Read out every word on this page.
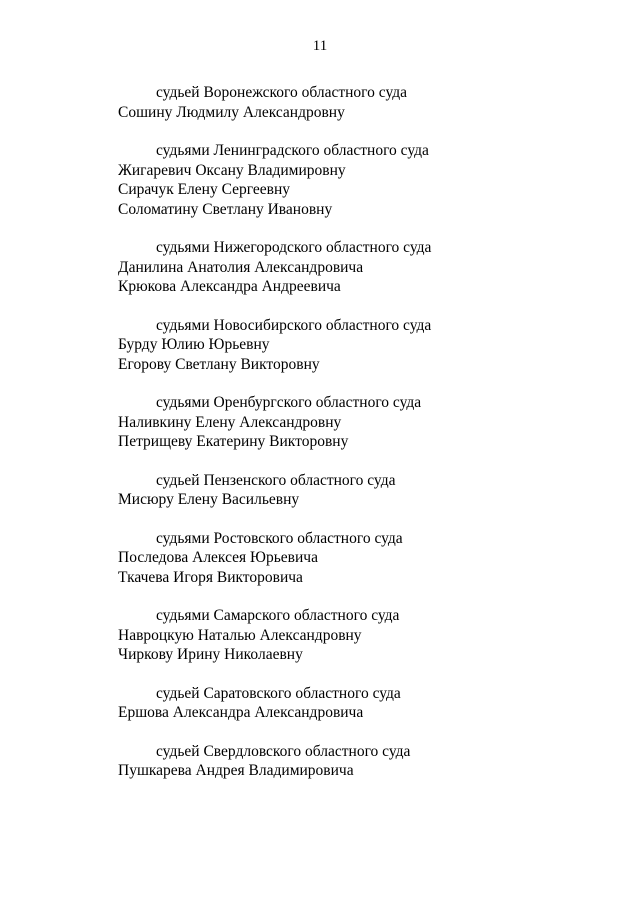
11
судьей Воронежского областного суда
Сошину Людмилу Александровну
судьями Ленинградского областного суда
Жигаревич Оксану Владимировну
Сирачук Елену Сергеевну
Соломатину Светлану Ивановну
судьями Нижегородского областного суда
Данилина Анатолия Александровича
Крюкова Александра Андреевича
судьями Новосибирского областного суда
Бурду Юлию Юрьевну
Егорову Светлану Викторовну
судьями Оренбургского областного суда
Наливкину Елену Александровну
Петрищеву Екатерину Викторовну
судьей Пензенского областного суда
Мисюру Елену Васильевну
судьями Ростовского областного суда
Последова Алексея Юрьевича
Ткачева Игоря Викторовича
судьями Самарского областного суда
Навроцкую Наталью Александровну
Чиркову Ирину Николаевну
судьей Саратовского областного суда
Ершова Александра Александровича
судьей Свердловского областного суда
Пушкарева Андрея Владимировича
